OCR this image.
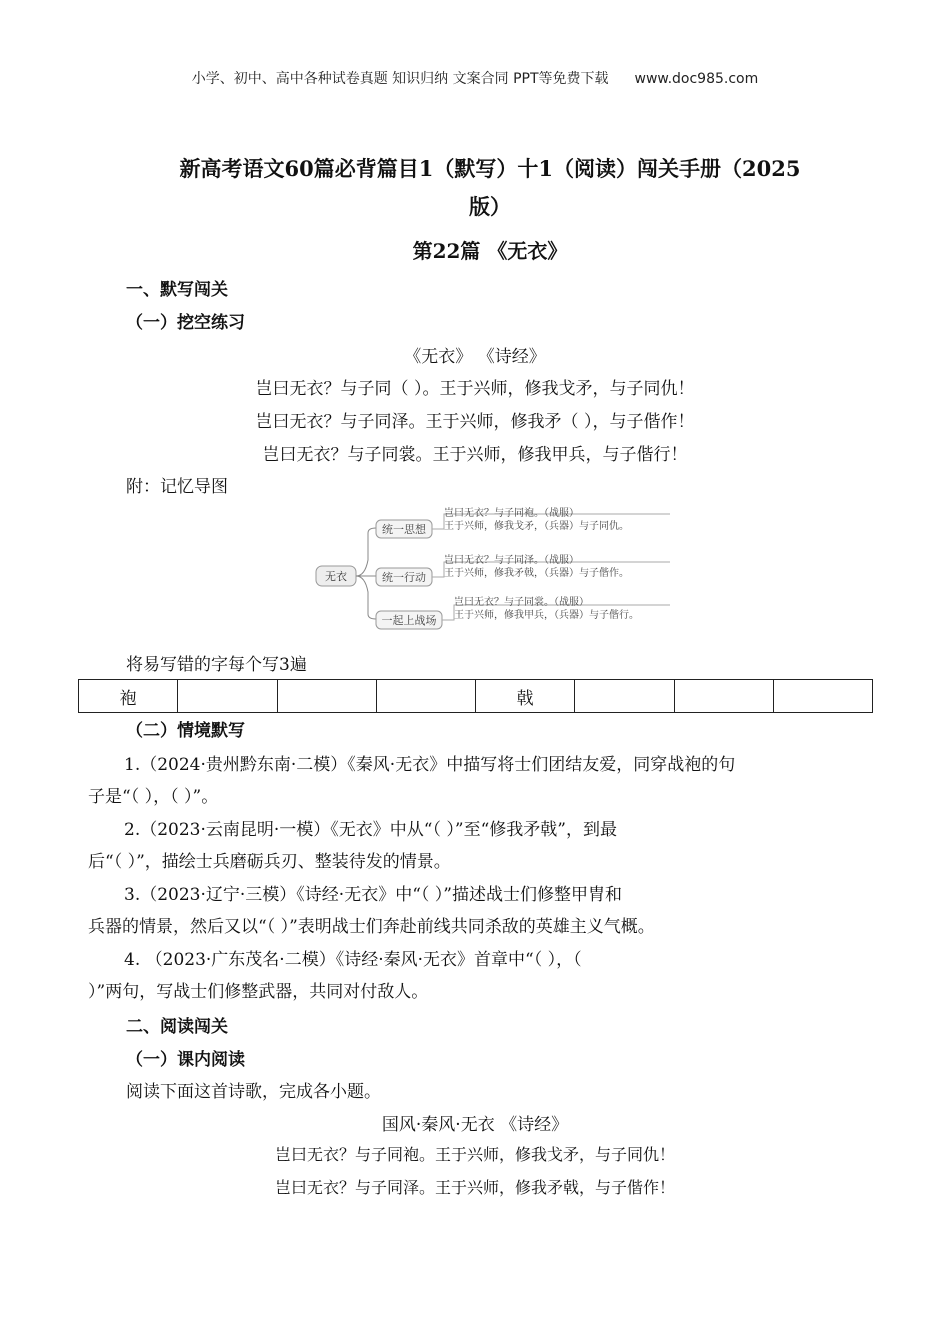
小学、初中、高中各种试卷真题 知识归纳 文案合同 PPT等免费下载 www.doc985.com
新高考语文60篇必背篇目1（默写）十1（阅读）闯关手册（2025
版）
第22篇 《无衣》
一、默写闯关
（一）挖空练习
《无衣》 《诗经》
岂曰无衣？与子同（ ）。王于兴师，修我戈矛，与子同仇！
岂曰无衣？与子同泽。王于兴师，修我矛（ ），与子偕作！
岂曰无衣？与子同裳。王于兴师，修我甲兵，与子偕行！
附：记忆导图
无衣
统一思想
统一行动
一起上战场
岂曰无衣？与子同袍。（战服）
王于兴师，修我戈矛，（兵器）与子同仇。
岂曰无衣？与子同泽。（战服）
王于兴师，修我矛戟，（兵器）与子偕作。
岂曰无衣？与子同裳。（战服）
王于兴师，修我甲兵，（兵器）与子偕行。
将易写错的字每个写3遍
袍				戟			
（二）情境默写
1.（2024·贵州黔东南·二模）《秦风·无衣》中描写将士们团结友爱，同穿战袍的句
子是“（ ），（ ）”。
2.（2023·云南昆明·一模）《无衣》中从“（ ）”至“修我矛戟”，到最
后“（ ）”，描绘士兵磨砺兵刃、整装待发的情景。
3.（2023·辽宁·三模）《诗经·无衣》中“（ ）”描述战士们修整甲胄和
兵器的情景，然后又以“（ ）”表明战士们奔赴前线共同杀敌的英雄主义气概。
4. （2023·广东茂名·二模）《诗经·秦风·无衣》首章中“（ ），（
）”两句，写战士们修整武器，共同对付敌人。
二、阅读闯关
（一）课内阅读
阅读下面这首诗歌，完成各小题。
国风·秦风·无衣 《诗经》
岂曰无衣？与子同袍。王于兴师，修我戈矛，与子同仇！
岂曰无衣？与子同泽。王于兴师，修我矛戟，与子偕作！
